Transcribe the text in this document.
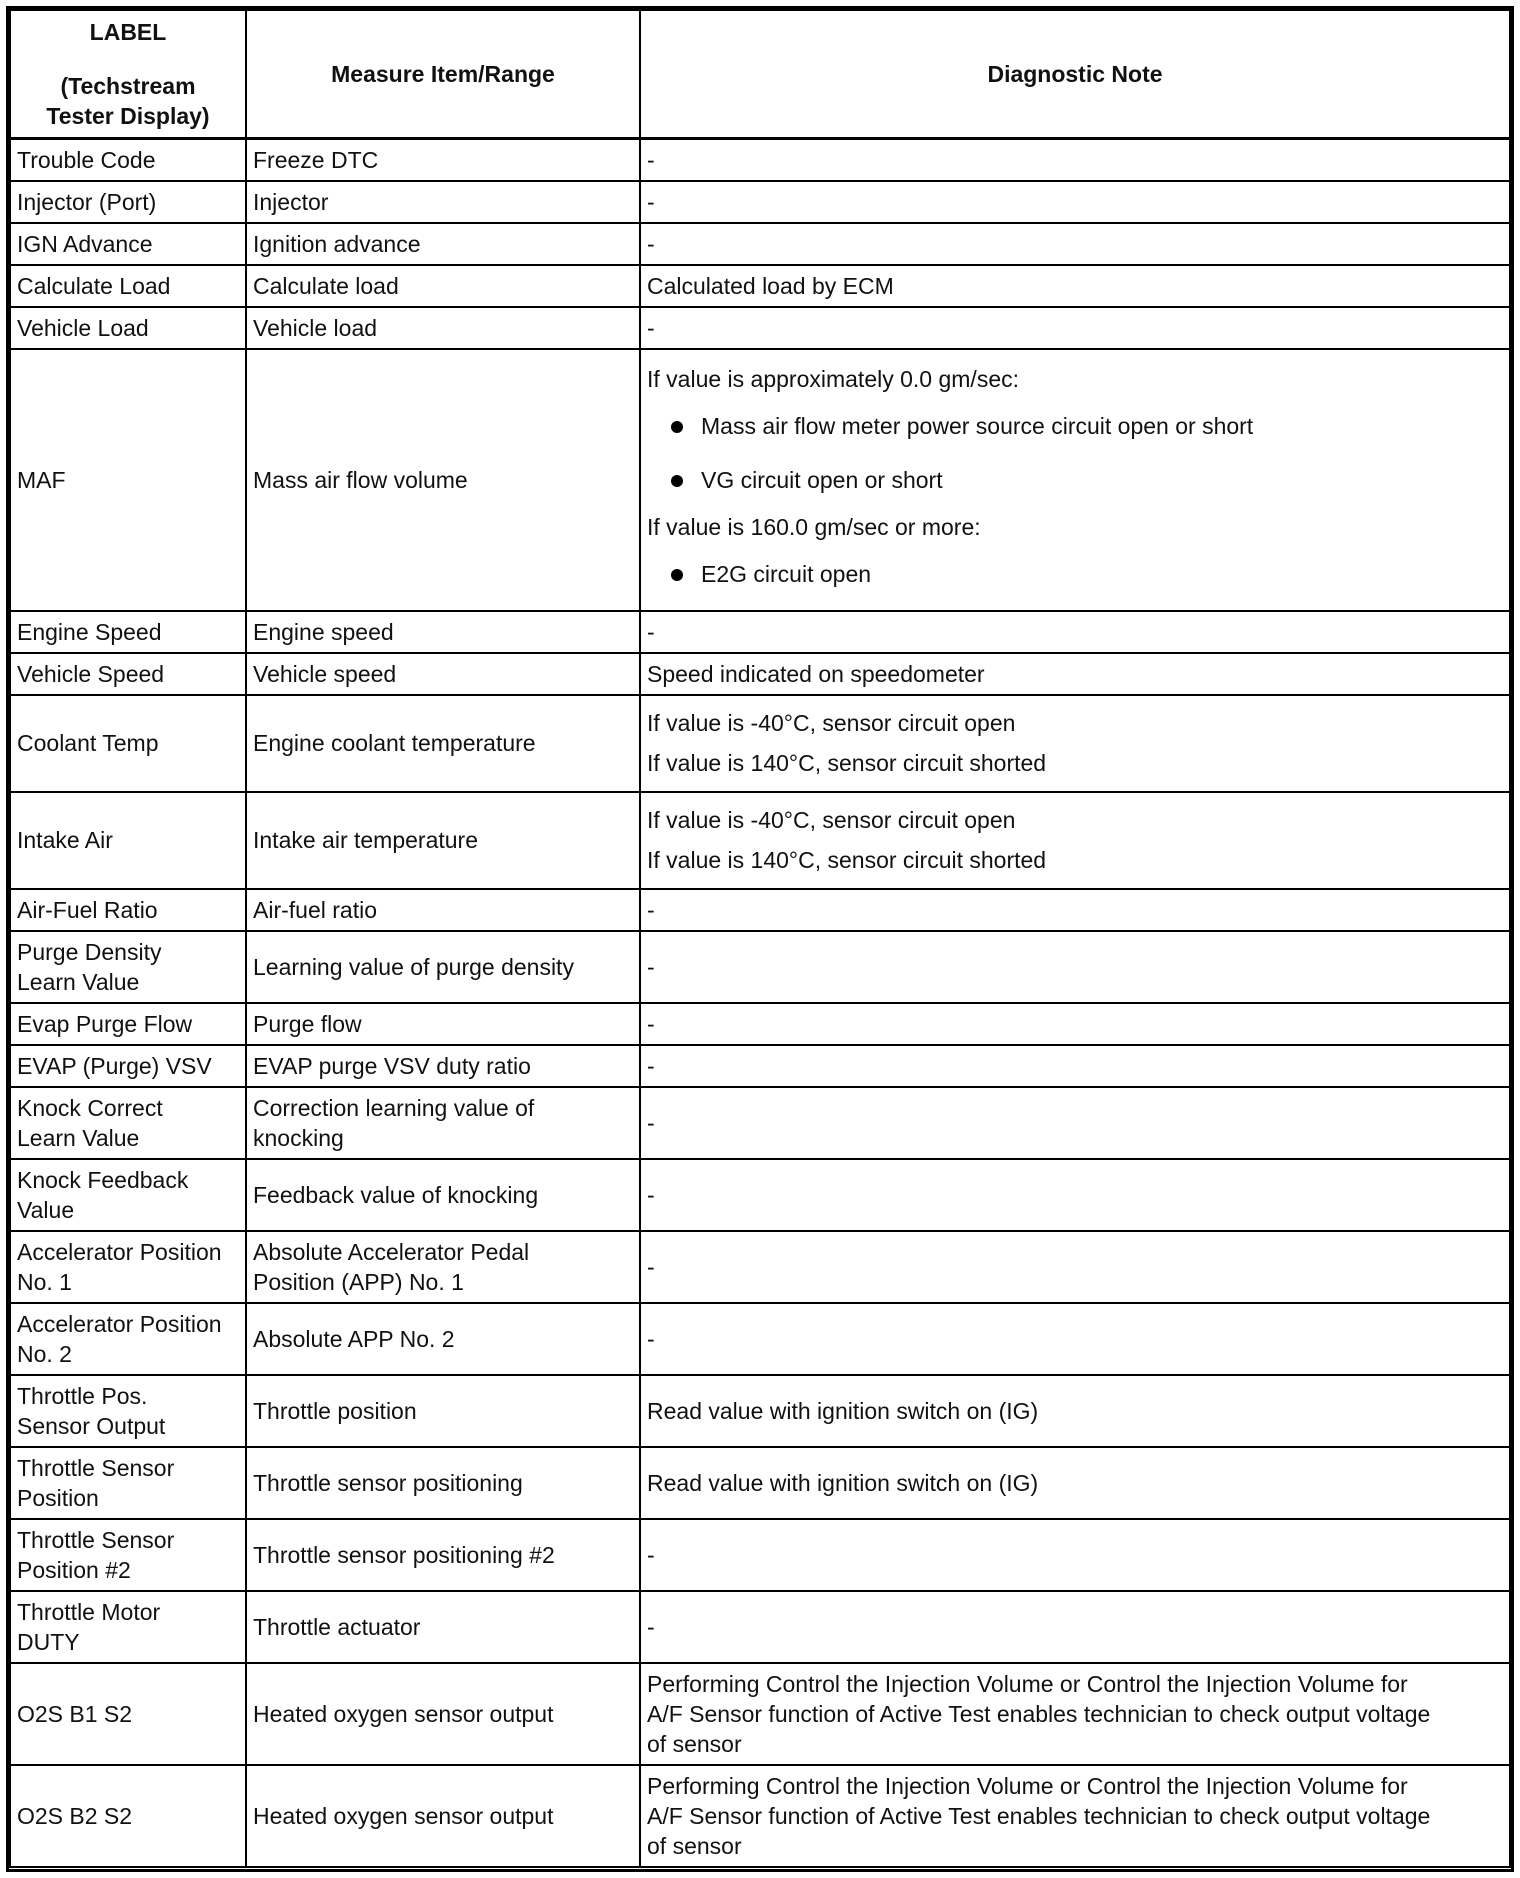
LABEL
(Techstream
Tester Display)	Measure Item/Range	Diagnostic Note
Trouble Code	Freeze DTC	-
Injector (Port)	Injector	-
IGN Advance	Ignition advance	-
Calculate Load	Calculate load	Calculated load by ECM
Vehicle Load	Vehicle load	-
MAF	Mass air flow volume	If value is approximately 0.0 gm/sec:
Mass air flow meter power source circuit open or short
VG circuit open or short
If value is 160.0 gm/sec or more:
E2G circuit open

Engine Speed	Engine speed	-
Vehicle Speed	Vehicle speed	Speed indicated on speedometer
Coolant Temp	Engine coolant temperature	If value is -40°C, sensor circuit open
If value is 140°C, sensor circuit shorted

Intake Air	Intake air temperature	If value is -40°C, sensor circuit open
If value is 140°C, sensor circuit shorted

Air-Fuel Ratio	Air-fuel ratio	-

Purge Density
Learn Value	Learning value of purge density	-
Evap Purge Flow	Purge flow	-
EVAP (Purge) VSV	EVAP purge VSV duty ratio	-

Knock Correct
Learn Value	Correction learning value of
knocking	-

Knock Feedback
Value	Feedback value of knocking	-

Accelerator Position
No. 1	Absolute Accelerator Pedal
Position (APP) No. 1	-

Accelerator Position
No. 2	Absolute APP No. 2	-

Throttle Pos.
Sensor Output	Throttle position	Read value with ignition switch on (IG)

Throttle Sensor
Position	Throttle sensor positioning	Read value with ignition switch on (IG)

Throttle Sensor
Position #2	Throttle sensor positioning #2	-

Throttle Motor
DUTY	Throttle actuator	-
O2S B1 S2	Heated oxygen sensor output	Performing Control the Injection Volume or Control the Injection Volume for
A/F Sensor function of Active Test enables technician to check output voltage
of sensor

O2S B2 S2	Heated oxygen sensor output	Performing Control the Injection Volume or Control the Injection Volume for
A/F Sensor function of Active Test enables technician to check output voltage
of sensor
